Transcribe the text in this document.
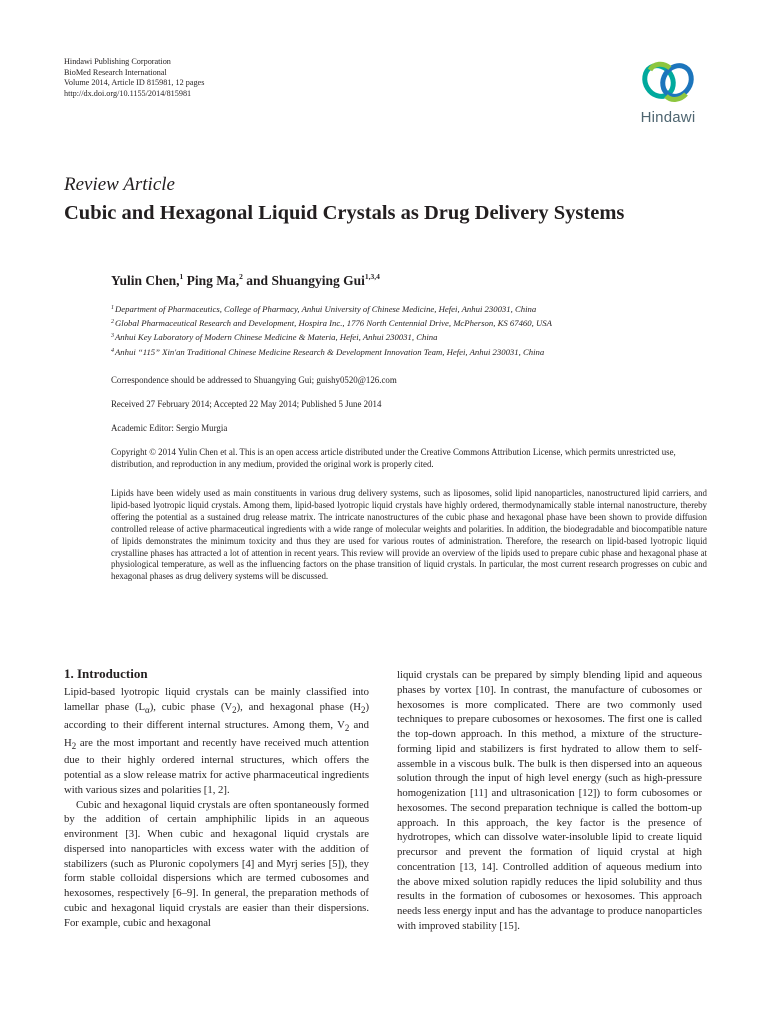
Hindawi Publishing Corporation
BioMed Research International
Volume 2014, Article ID 815981, 12 pages
http://dx.doi.org/10.1155/2014/815981
Hindawi
Review Article
Cubic and Hexagonal Liquid Crystals as Drug Delivery Systems
Yulin Chen,$^1$ Ping Ma,$^2$ and Shuangying Gui$^{1,3,4}$
$^1$Department of Pharmaceutics, College of Pharmacy, Anhui University of Chinese Medicine, Hefei, Anhui 230031, China
$^2$Global Pharmaceutical Research and Development, Hospira Inc., 1776 North Centennial Drive, McPherson, KS 67460, USA
$^3$Anhui Key Laboratory of Modern Chinese Medicine & Materia, Hefei, Anhui 230031, China
$^4$Anhui “115” Xin'an Traditional Chinese Medicine Research & Development Innovation Team, Hefei, Anhui 230031, China
Correspondence should be addressed to Shuangying Gui; guishy0520@126.com
Received 27 February 2014; Accepted 22 May 2014; Published 5 June 2014
Academic Editor: Sergio Murgia
Copyright © 2014 Yulin Chen et al. This is an open access article distributed under the Creative Commons Attribution License, which permits unrestricted use, distribution, and reproduction in any medium, provided the original work is properly cited.

Lipids have been widely used as main constituents in various drug delivery systems, such as liposomes, solid lipid nanoparticles, nanostructured lipid carriers, and lipid-based lyotropic liquid crystals. Among them, lipid-based lyotropic liquid crystals have highly ordered, thermodynamically stable internal nanostructure, thereby offering the potential as a sustained drug release matrix. The intricate nanostructures of the cubic phase and hexagonal phase have been shown to provide diffusion controlled release of active pharmaceutical ingredients with a wide range of molecular weights and polarities. In addition, the biodegradable and biocompatible nature of lipids demonstrates the minimum toxicity and thus they are used for various routes of administration. Therefore, the research on lipid-based lyotropic liquid crystalline phases has attracted a lot of attention in recent years. This review will provide an overview of the lipids used to prepare cubic phase and hexagonal phase at physiological temperature, as well as the influencing factors on the phase transition of liquid crystals. In particular, the most current research progresses on cubic and hexagonal phases as drug delivery systems will be discussed.

1. Introduction

Lipid-based lyotropic liquid crystals can be mainly classified into lamellar phase $(L_\alpha)$, cubic phase $(V_2)$, and hexagonal phase $(H_2)$ according to their different internal structures. Among them, $V_2$ and $H_2$ are the most important and recently have received much attention due to their highly ordered internal structures, which offers the potential as a slow release matrix for active pharmaceutical ingredients with various sizes and polarities [1, 2].

Cubic and hexagonal liquid crystals are often spontaneously formed by the addition of certain amphiphilic lipids in an aqueous environment [3]. When cubic and hexagonal liquid crystals are dispersed into nanoparticles with excess water with the addition of stabilizers (such as Pluronic copolymers [4] and Myrj series [5]), they form stable colloidal dispersions which are termed cubosomes and hexosomes, respectively [6–9]. In general, the preparation methods of cubic and hexagonal liquid crystals are easier than their dispersions. For example, cubic and hexagonal

liquid crystals can be prepared by simply blending lipid and aqueous phases by vortex [10]. In contrast, the manufacture of cubosomes or hexosomes is more complicated. There are two commonly used techniques to prepare cubosomes or hexosomes. The first one is called the top-down approach. In this method, a mixture of the structure-forming lipid and stabilizers is first hydrated to allow them to self-assemble in a viscous bulk. The bulk is then dispersed into an aqueous solution through the input of high level energy (such as high-pressure homogenization [11] and ultrasonication [12]) to form cubosomes or hexosomes. The second preparation technique is called the bottom-up approach. In this approach, the key factor is the presence of hydrotropes, which can dissolve water-insoluble lipid to create liquid precursor and prevent the formation of liquid crystal at high concentration [13, 14]. Controlled addition of aqueous medium into the above mixed solution rapidly reduces the lipid solubility and thus results in the formation of cubosomes or hexosomes. This approach needs less energy input and has the advantage to produce nanoparticles with improved stability [15].
